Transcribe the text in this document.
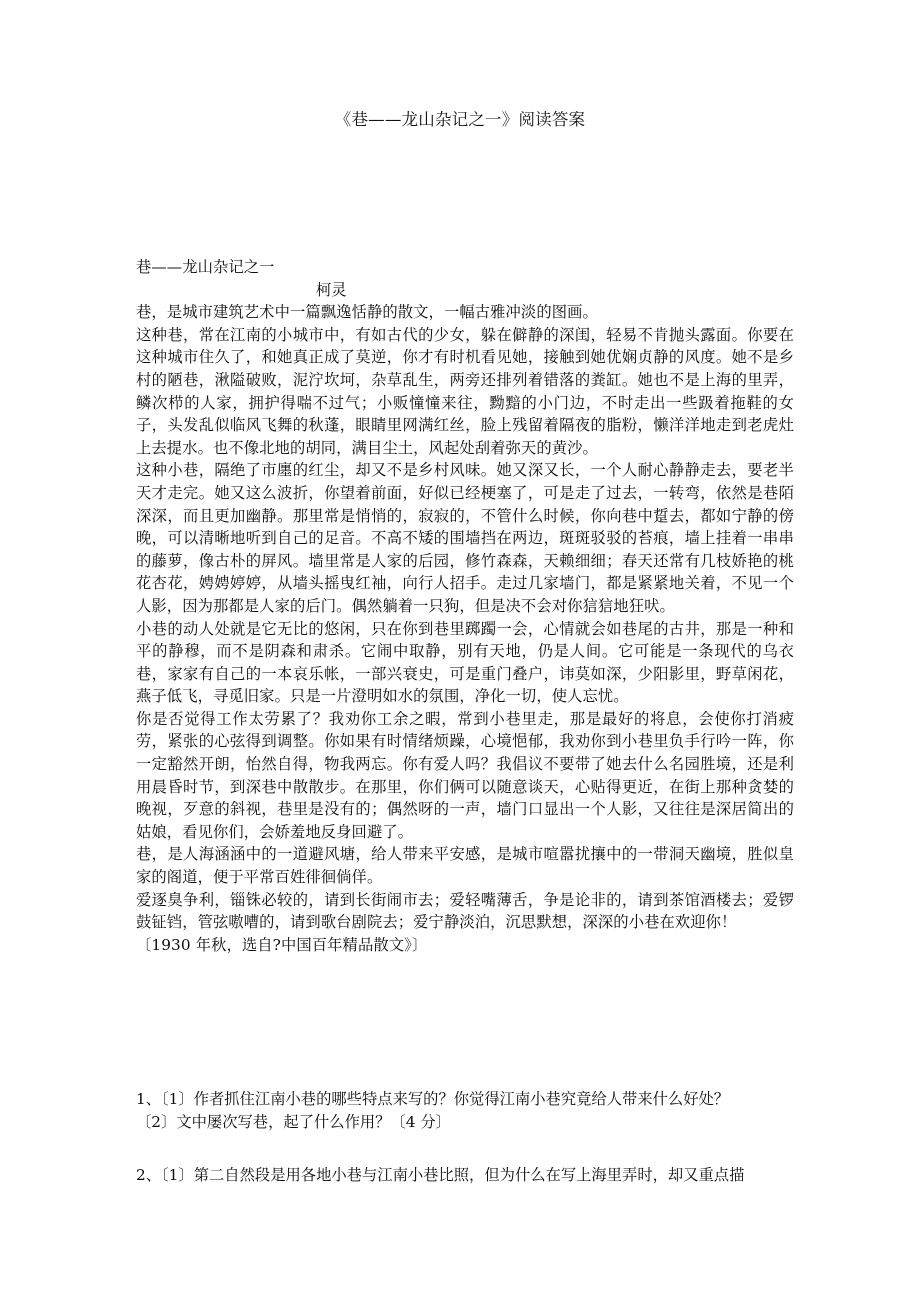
《巷——龙山杂记之一》阅读答案

巷——龙山杂记之一

柯灵

巷，是城市建筑艺术中一篇飘逸恬静的散文，一幅古雅冲淡的图画。

这种巷，常在江南的小城市中，有如古代的少女，躲在僻静的深闺，轻易不肯抛头露面。你要在这种城市住久了，和她真正成了莫逆，你才有时机看见她，接触到她优娴贞静的风度。她不是乡村的陋巷，湫隘破败，泥泞坎坷，杂草乱生，两旁还排列着错落的粪缸。她也不是上海的里弄，鳞次栉的人家，拥护得喘不过气；小贩憧憧来往，黝黯的小门边，不时走出一些趿着拖鞋的女子，头发乱似临风飞舞的秋蓬，眼睛里网满红丝，脸上残留着隔夜的脂粉，懒洋洋地走到老虎灶上去提水。也不像北地的胡同，满目尘土，风起处刮着弥天的黄沙。

这种小巷，隔绝了市廛的红尘，却又不是乡村风味。她又深又长，一个人耐心静静走去，要老半天才走完。她又这么波折，你望着前面，好似已经梗塞了，可是走了过去，一转弯，依然是巷陌深深，而且更加幽静。那里常是悄悄的，寂寂的，不管什么时候，你向巷中踅去，都如宁静的傍晚，可以清晰地听到自己的足音。不高不矮的围墙挡在两边，斑斑驳驳的苔痕，墙上挂着一串串的藤萝，像古朴的屏风。墙里常是人家的后园，修竹森森，天赖细细；春天还常有几枝娇艳的桃花杏花，娉娉婷婷，从墙头摇曳红袖，向行人招手。走过几家墙门，都是紧紧地关着，不见一个人影，因为那都是人家的后门。偶然躺着一只狗，但是决不会对你狺狺地狂吠。

小巷的动人处就是它无比的悠闲，只在你到巷里踯躅一会，心情就会如巷尾的古井，那是一种和平的静穆，而不是阴森和肃杀。它闹中取静，别有天地，仍是人间。它可能是一条现代的乌衣巷，家家有自己的一本哀乐帐，一部兴衰史，可是重门叠户，讳莫如深，少阳影里，野草闲花，燕子低飞，寻觅旧家。只是一片澄明如水的氛围，净化一切，使人忘忧。

你是否觉得工作太劳累了？我劝你工余之暇，常到小巷里走，那是最好的将息，会使你打消疲劳，紧张的心弦得到调整。你如果有时情绪烦躁，心境悒郁，我劝你到小巷里负手行吟一阵，你一定豁然开朗，怡然自得，物我两忘。你有爱人吗？我倡议不要带了她去什么名园胜境，还是利用晨昏时节，到深巷中散散步。在那里，你们俩可以随意谈天，心贴得更近，在街上那种贪婪的晚视，歹意的斜视，巷里是没有的；偶然呀的一声，墙门口显出一个人影，又往往是深居简出的姑娘，看见你们，会娇羞地反身回避了。

巷，是人海涵涵中的一道避风塘，给人带来平安感，是城市喧嚣扰攘中的一带洞天幽境，胜似皇家的阁道，便于平常百姓徘徊倘佯。

爱逐臭争利，锱铢必较的，请到长街闹市去；爱轻嘴薄舌，争是论非的，请到茶馆酒楼去；爱锣鼓钲铛，管弦嗷嘈的，请到歌台剧院去；爱宁静淡泊，沉思默想，深深的小巷在欢迎你！

〔1930 年秋，选自?中国百年精品散文》〕

1、〔1〕作者抓住江南小巷的哪些特点来写的？你觉得江南小巷究竟给人带来什么好处？

〔2〕文中屡次写巷，起了什么作用？〔4 分〕

2、〔1〕第二自然段是用各地小巷与江南小巷比照，但为什么在写上海里弄时，却又重点描
